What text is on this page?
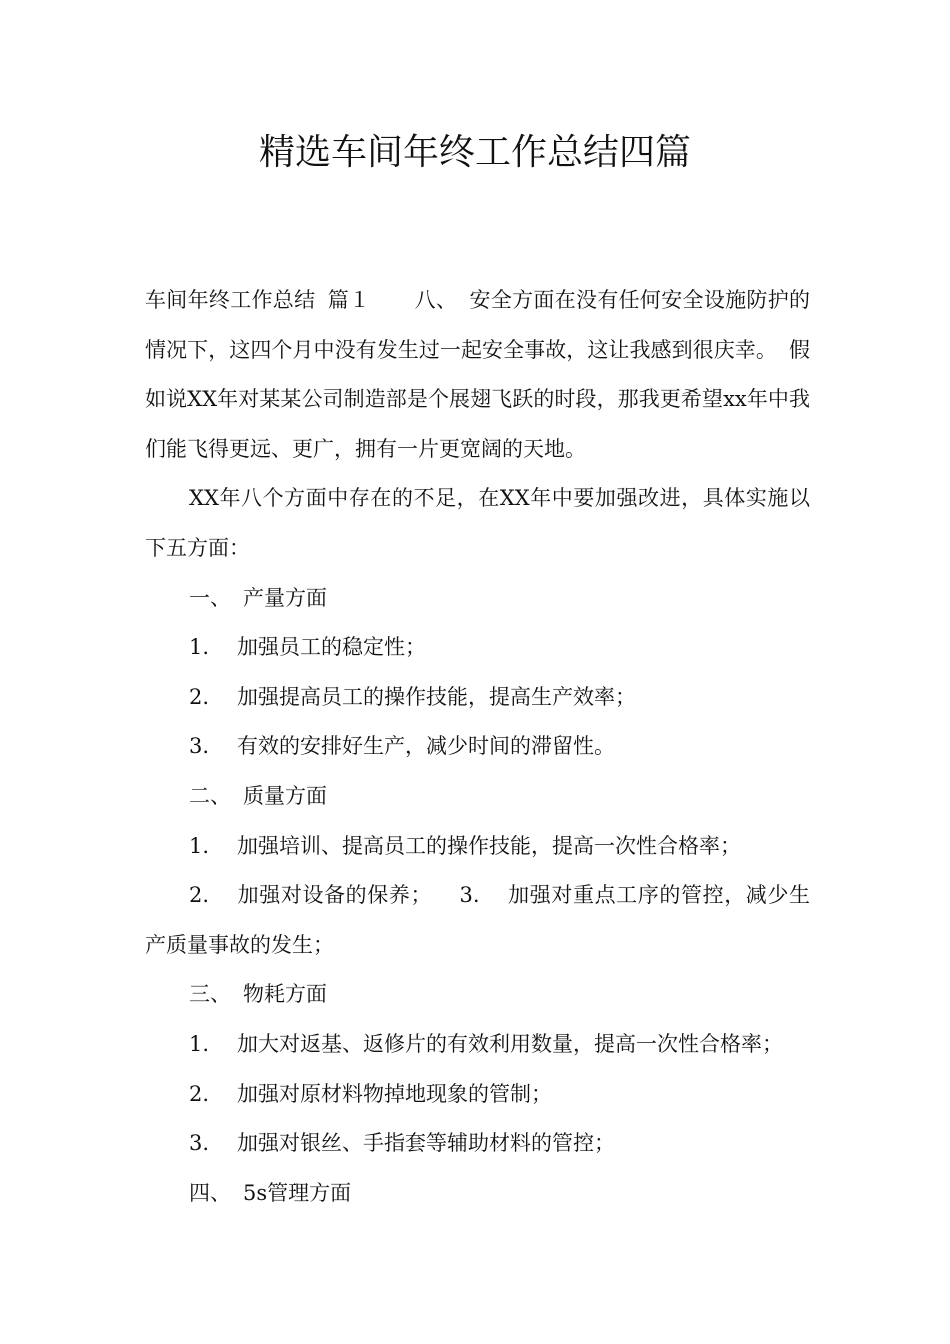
精选车间年终工作总结四篇

车间年终工作总结 篇１ 八、 安全方面在没有任何安全设施防护的情况下，这四个月中没有发生过一起安全事故，这让我感到很庆幸。 假如说XX年对某某公司制造部是个展翅飞跃的时段，那我更希望xx年中我们能飞得更远、更广，拥有一片更宽阔的天地。

XX年八个方面中存在的不足，在XX年中要加强改进，具体实施以下五方面：

一、 产量方面

1. 加强员工的稳定性；

2. 加强提高员工的操作技能，提高生产效率；

3. 有效的安排好生产，减少时间的滞留性。

二、 质量方面

1. 加强培训、提高员工的操作技能，提高一次性合格率；

2. 加强对设备的保养； 3. 加强对重点工序的管控，减少生产质量事故的发生；

三、 物耗方面

1. 加大对返基、返修片的有效利用数量，提高一次性合格率；

2. 加强对原材料物掉地现象的管制；

3. 加强对银丝、手指套等辅助材料的管控；

四、 5s管理方面
